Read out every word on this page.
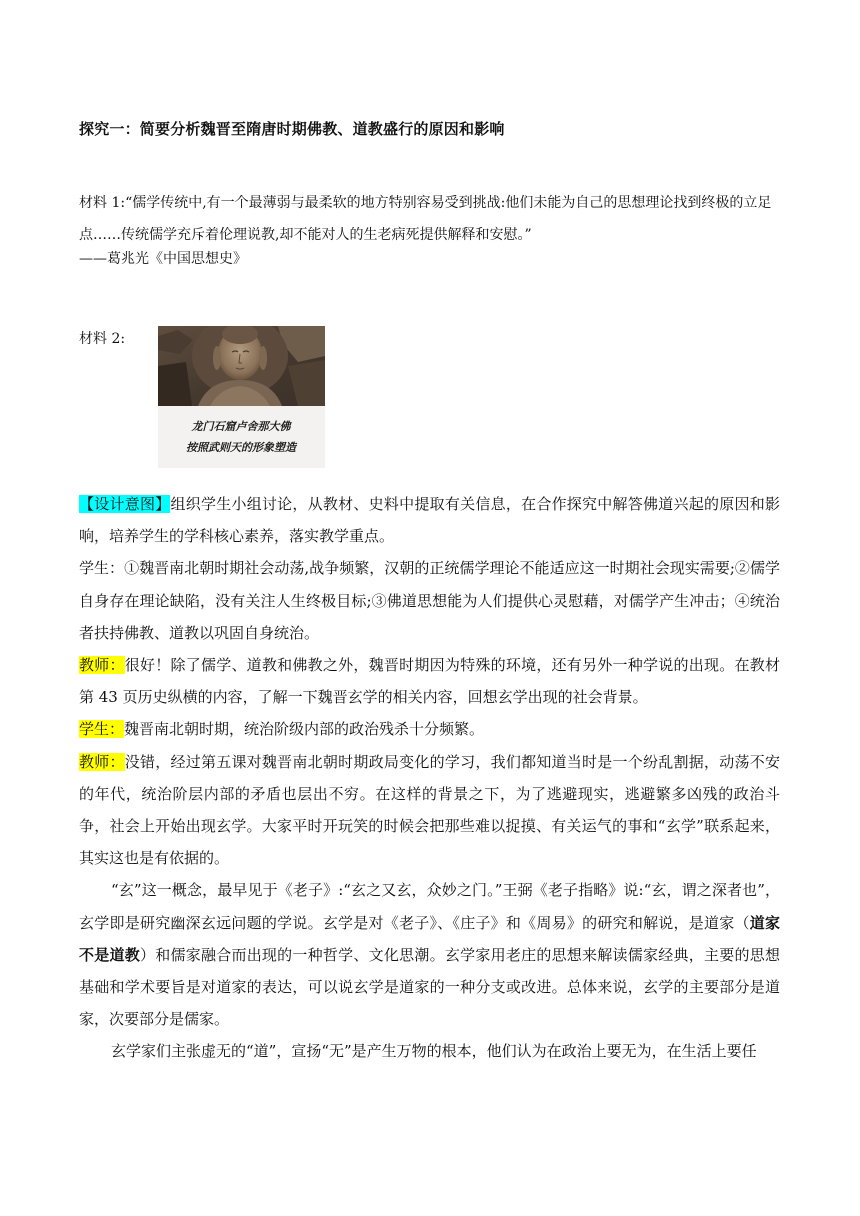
探究一：简要分析魏晋至隋唐时期佛教、道教盛行的原因和影响
材料 1:“儒学传统中,有一个最薄弱与最柔软的地方特别容易受到挑战:他们未能为自己的思想理论找到终极的立足点……传统儒学充斥着伦理说教,却不能对人的生老病死提供解释和安慰。”
——葛兆光《中国思想史》
材料 2:
龙门石窟卢舍那大佛
按照武则天的形象塑造

【设计意图】组织学生小组讨论，从教材、史料中提取有关信息，在合作探究中解答佛道兴起的原因和影响，培养学生的学科核心素养，落实教学重点。

学生：①魏晋南北朝时期社会动荡,战争频繁，汉朝的正统儒学理论不能适应这一时期社会现实需要;②儒学自身存在理论缺陷，没有关注人生终极目标;③佛道思想能为人们提供心灵慰藉，对儒学产生冲击；④统治者扶持佛教、道教以巩固自身统治。

教师：很好！除了儒学、道教和佛教之外，魏晋时期因为特殊的环境，还有另外一种学说的出现。在教材第 43 页历史纵横的内容，了解一下魏晋玄学的相关内容，回想玄学出现的社会背景。

学生：魏晋南北朝时期，统治阶级内部的政治残杀十分频繁。

教师：没错，经过第五课对魏晋南北朝时期政局变化的学习，我们都知道当时是一个纷乱割据，动荡不安的年代，统治阶层内部的矛盾也层出不穷。在这样的背景之下，为了逃避现实，逃避繁多凶残的政治斗争，社会上开始出现玄学。大家平时开玩笑的时候会把那些难以捉摸、有关运气的事和“玄学”联系起来，其实这也是有依据的。

“玄”这一概念，最早见于《老子》:“玄之又玄，众妙之门。”王弼《老子指略》说:“玄，谓之深者也”，玄学即是研究幽深玄远问题的学说。玄学是对《老子》、《庄子》和《周易》的研究和解说，是道家（道家不是道教）和儒家融合而出现的一种哲学、文化思潮。玄学家用老庄的思想来解读儒家经典，主要的思想基础和学术要旨是对道家的表达，可以说玄学是道家的一种分支或改进。总体来说，玄学的主要部分是道家，次要部分是儒家。

玄学家们主张虚无的“道”，宣扬“无”是产生万物的根本，他们认为在政治上要无为，在生活上要任
